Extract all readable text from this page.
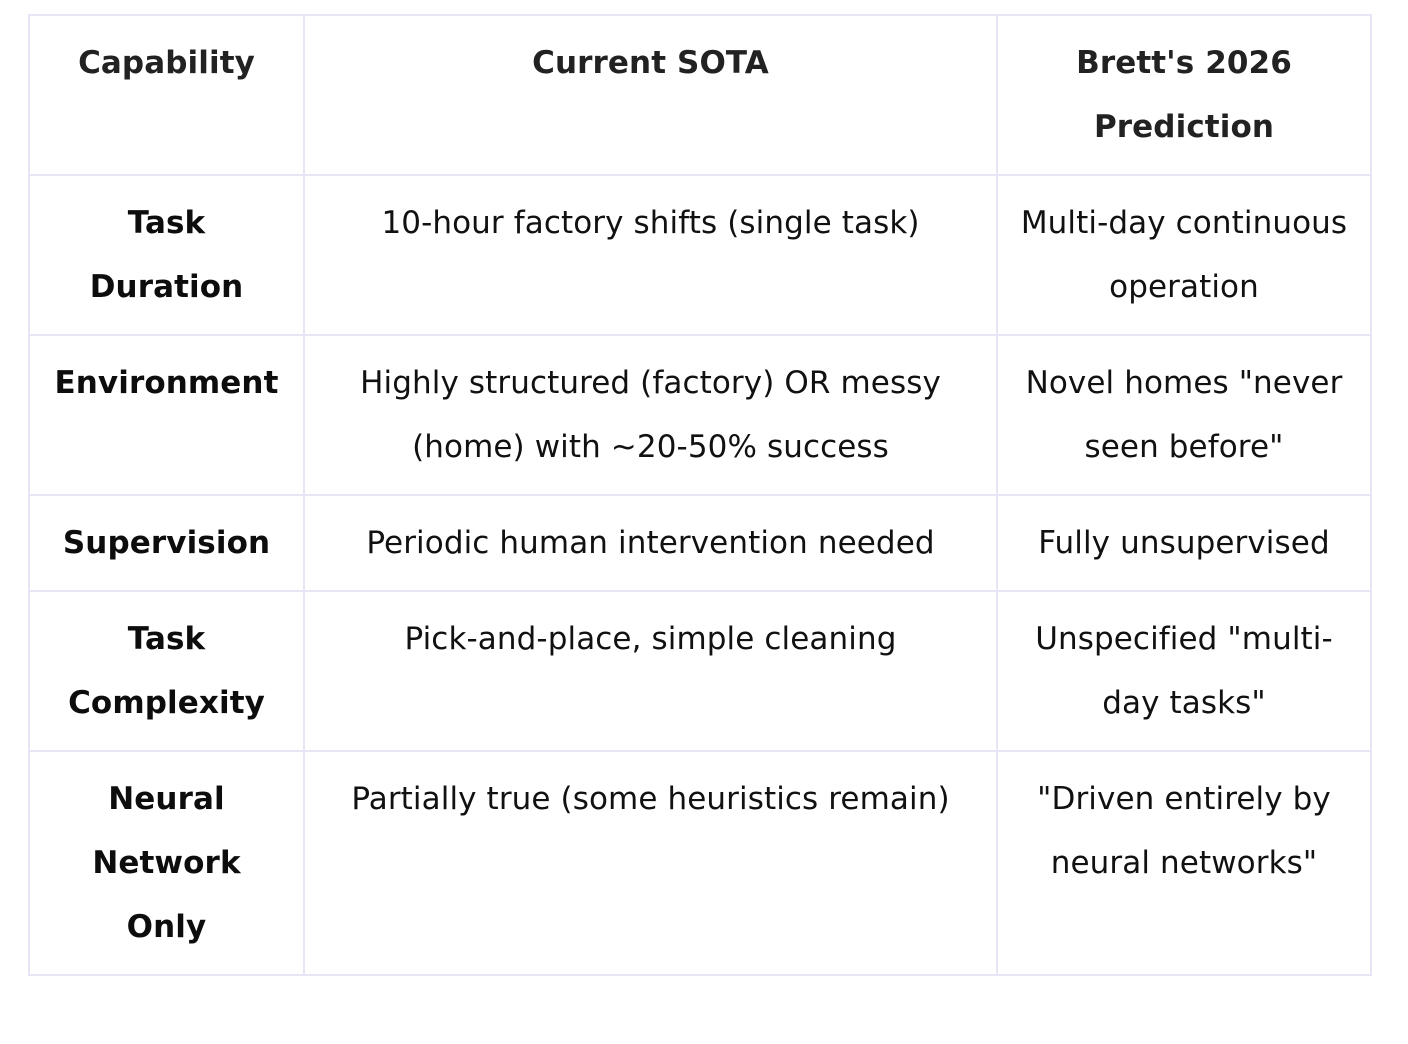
Capability	Current SOTA	Brett's 2026 Prediction
Task Duration	10-hour factory shifts (single task)	Multi-day continuous operation
Environment	Highly structured (factory) OR messy (home) with ~20-50% success	Novel homes "never seen before"
Supervision	Periodic human intervention needed	Fully unsupervised
Task Complexity	Pick-and-place, simple cleaning	Unspecified "multi-day tasks"
Neural Network Only	Partially true (some heuristics remain)	"Driven entirely by neural networks"
